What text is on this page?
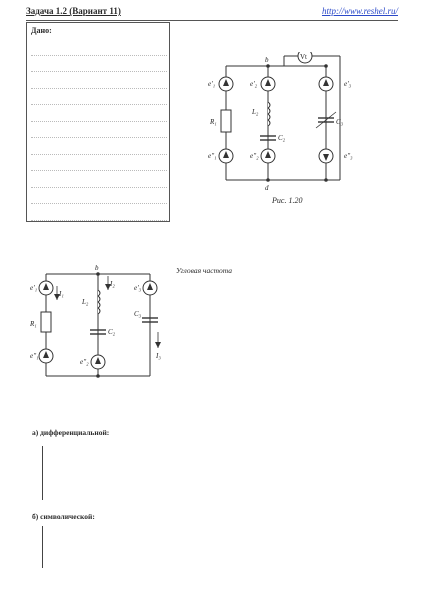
Задача 1.2 (Вариант 11)	http://www.reshel.ru/
Дано:
b
d
e'₁	e'₂	e'₃
e''₁	e''₂	e''₃
R₁
L₂
C₂
C₃
Vt
Рис. 1.20
b
e'₁
R₁
e''₁
L₂
C₂
e''₂
C₃
e'₃
I₁
I₂
I₃
Угловая частота
а) дифференциальной:
б) символической:
